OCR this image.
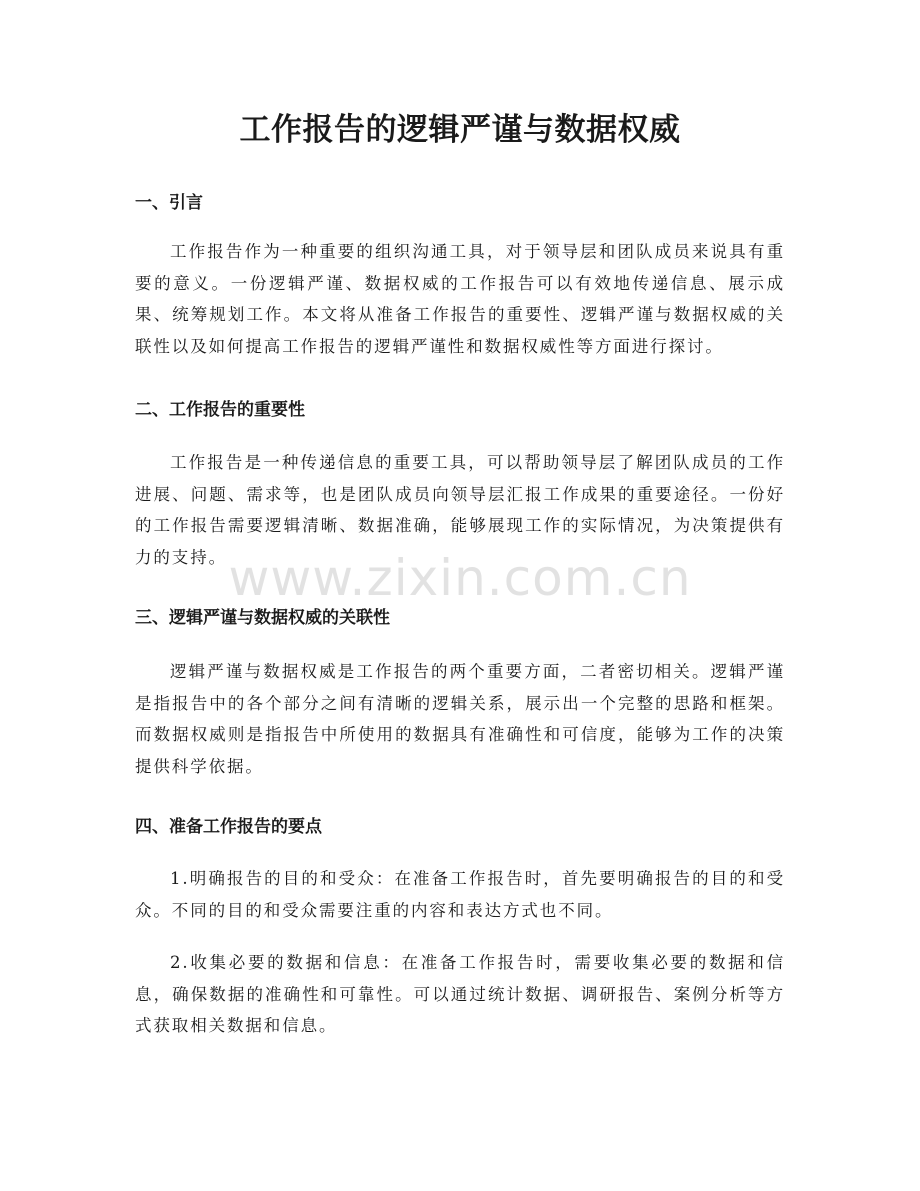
工作报告的逻辑严谨与数据权威
一、引言

工作报告作为一种重要的组织沟通工具，对于领导层和团队成员来说具有重要的意义。一份逻辑严谨、数据权威的工作报告可以有效地传递信息、展示成果、统筹规划工作。本文将从准备工作报告的重要性、逻辑严谨与数据权威的关联性以及如何提高工作报告的逻辑严谨性和数据权威性等方面进行探讨。

二、工作报告的重要性

工作报告是一种传递信息的重要工具，可以帮助领导层了解团队成员的工作进展、问题、需求等，也是团队成员向领导层汇报工作成果的重要途径。一份好的工作报告需要逻辑清晰、数据准确，能够展现工作的实际情况，为决策提供有力的支持。

三、逻辑严谨与数据权威的关联性

逻辑严谨与数据权威是工作报告的两个重要方面，二者密切相关。逻辑严谨是指报告中的各个部分之间有清晰的逻辑关系，展示出一个完整的思路和框架。而数据权威则是指报告中所使用的数据具有准确性和可信度，能够为工作的决策提供科学依据。

四、准备工作报告的要点

1.明确报告的目的和受众：在准备工作报告时，首先要明确报告的目的和受众。不同的目的和受众需要注重的内容和表达方式也不同。

2.收集必要的数据和信息：在准备工作报告时，需要收集必要的数据和信息，确保数据的准确性和可靠性。可以通过统计数据、调研报告、案例分析等方式获取相关数据和信息。

www.zixin.com.cn
